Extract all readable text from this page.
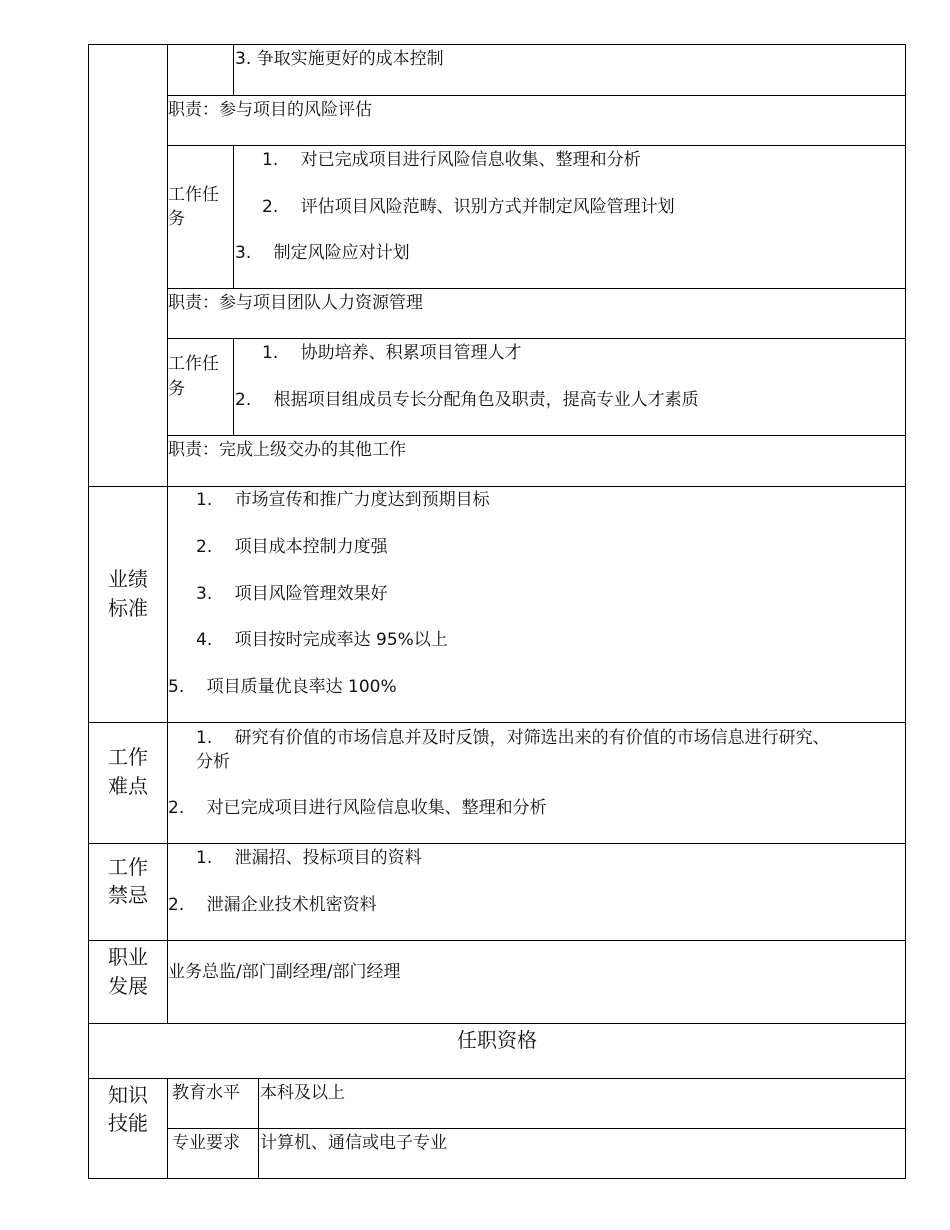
3. 争取实施更好的成本控制
职责：参与项目的风险评估
工作任
务
1.　 对已完成项目进行风险信息收集、整理和分析
2.　 评估项目风险范畴、识别方式并制定风险管理计划
3.　 制定风险应对计划
职责：参与项目团队人力资源管理
工作任
务
1.　 协助培养、积累项目管理人才
2.　 根据项目组成员专长分配角色及职责，提高专业人才素质
职责：完成上级交办的其他工作
业绩
标准
1.　 市场宣传和推广力度达到预期目标
2.　 项目成本控制力度强
3.　 项目风险管理效果好
4.　 项目按时完成率达 95%以上
5.　 项目质量优良率达 100%
工作
难点
1.　 研究有价值的市场信息并及时反馈，对筛选出来的有价值的市场信息进行研究、
分析
2.　 对已完成项目进行风险信息收集、整理和分析
工作
禁忌
1.　 泄漏招、投标项目的资料
2.　 泄漏企业技术机密资料
职业
发展
业务总监/部门副经理/部门经理
任职资格
知识
技能
教育水平 本科及以上
专业要求 计算机、通信或电子专业
